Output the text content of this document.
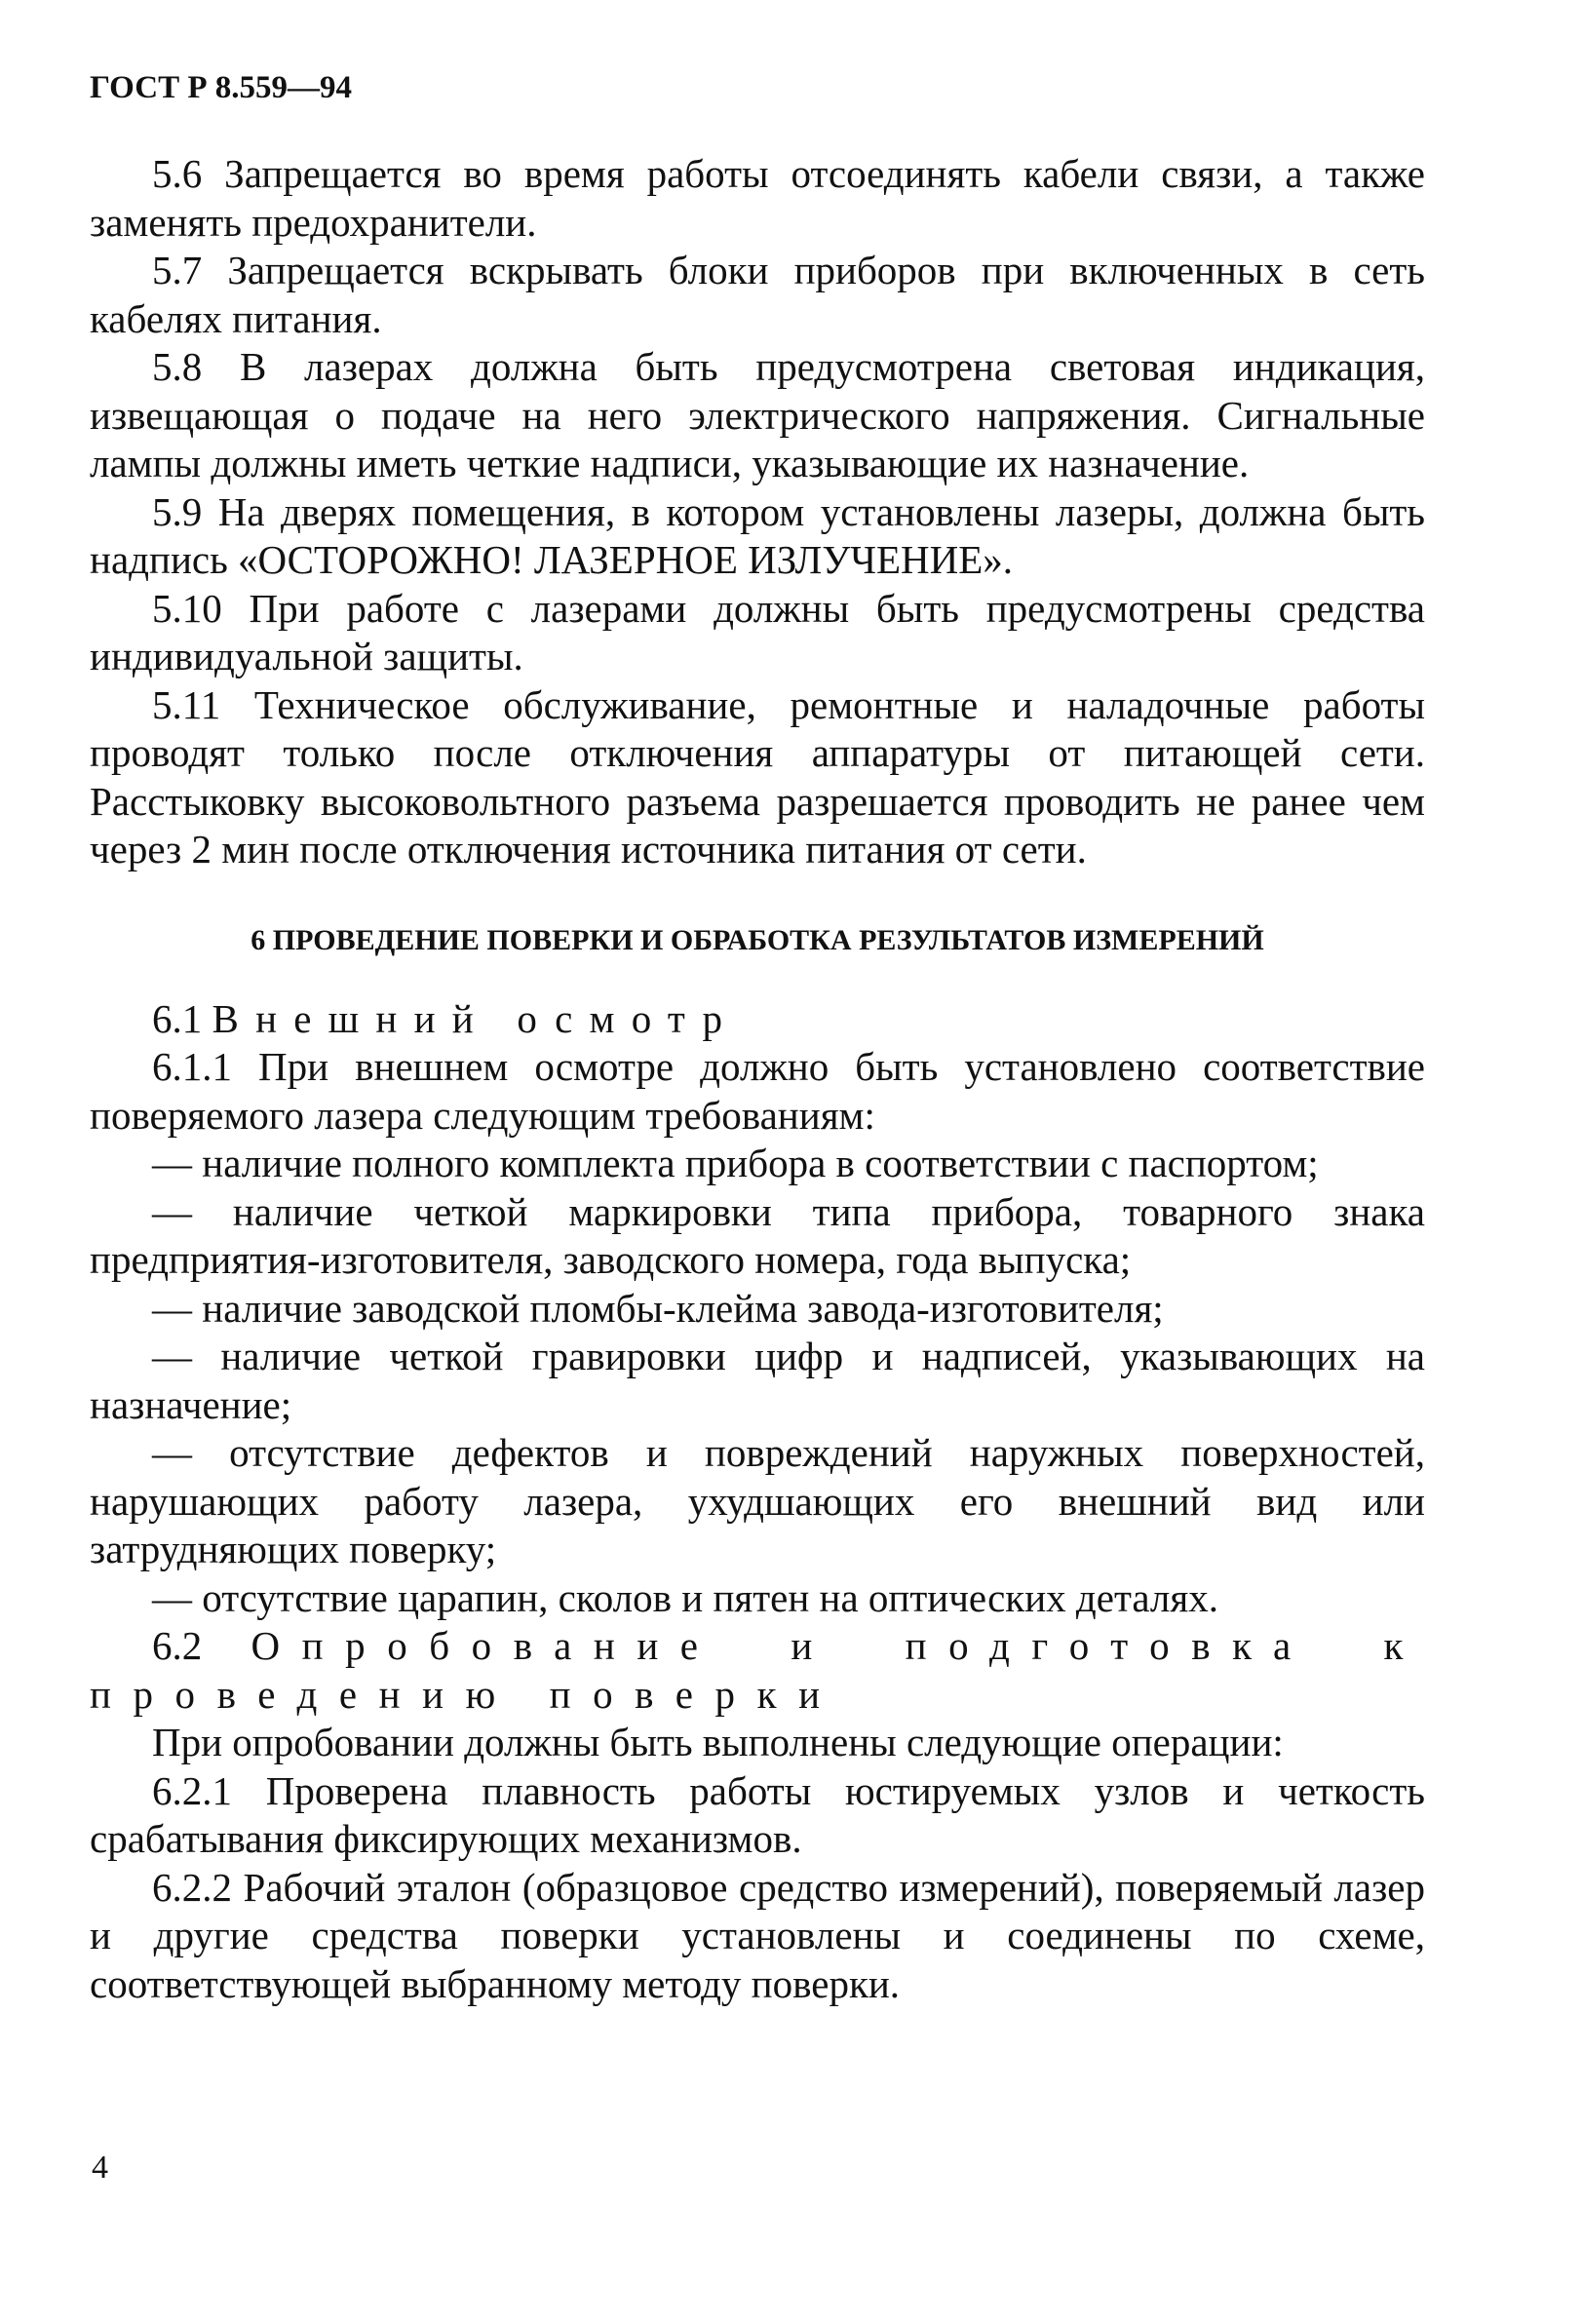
ГОСТ Р 8.559—94

5.6 Запрещается во время работы отсоединять кабели связи, а также заменять предохранители.

5.7 Запрещается вскрывать блоки приборов при включенных в сеть кабелях питания.

5.8 В лазерах должна быть предусмотрена световая индикация, извещающая о подаче на него электрического напряжения. Сигнальные лампы должны иметь четкие надписи, указывающие их назначение.

5.9 На дверях помещения, в котором установлены лазеры, должна быть надпись «ОСТОРОЖНО! ЛАЗЕРНОЕ ИЗЛУЧЕНИЕ».

5.10 При работе с лазерами должны быть предусмотрены средства индивидуальной защиты.

5.11 Техническое обслуживание, ремонтные и наладочные работы проводят только после отключения аппаратуры от питающей сети. Расстыковку высоковольтного разъема разрешается проводить не ранее чем через 2 мин после отключения источника питания от сети.

6 ПРОВЕДЕНИЕ ПОВЕРКИ И ОБРАБОТКА РЕЗУЛЬТАТОВ ИЗМЕРЕНИЙ

6.1 Внешний осмотр

6.1.1 При внешнем осмотре должно быть установлено соответствие поверяемого лазера следующим требованиям:

— наличие полного комплекта прибора в соответствии с паспортом;

— наличие четкой маркировки типа прибора, товарного знака предприятия-изготовителя, заводского номера, года выпуска;

— наличие заводской пломбы-клейма завода-изготовителя;

— наличие четкой гравировки цифр и надписей, указывающих на назначение;

— отсутствие дефектов и повреждений наружных поверхностей, нарушающих работу лазера, ухудшающих его внешний вид или затрудняющих поверку;

— отсутствие царапин, сколов и пятен на оптических деталях.

6.2 Опробование и подготовка к проведению поверки

При опробовании должны быть выполнены следующие операции:

6.2.1 Проверена плавность работы юстируемых узлов и четкость срабатывания фиксирующих механизмов.

6.2.2 Рабочий эталон (образцовое средство измерений), поверяемый лазер и другие средства поверки установлены и соединены по схеме, соответствующей выбранному методу поверки.

4
